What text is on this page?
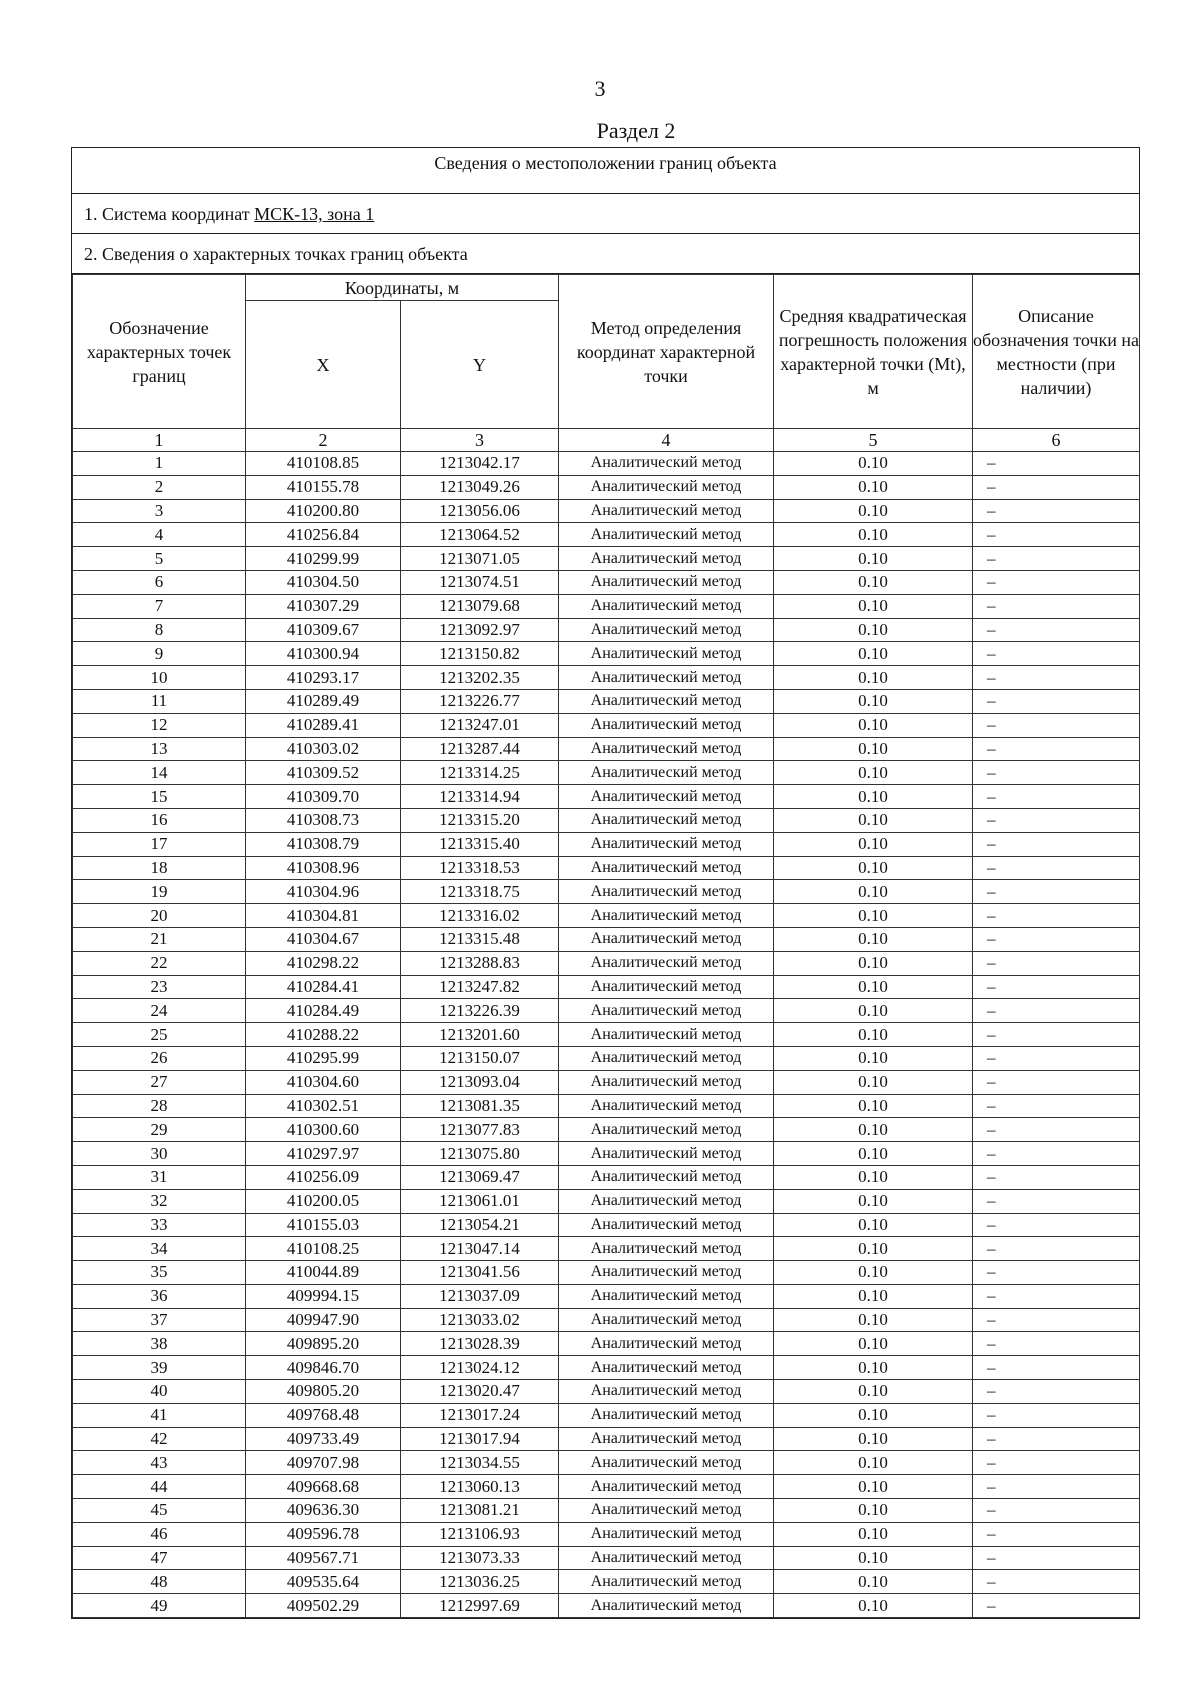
3
Раздел 2
Сведения о местоположении границ объекта
1. Система координат МСК-13, зона 1
2. Сведения о характерных точках границ объекта
Обозначение характерных точек границ	Координаты, м		Метод определения координат характерной точки	Средняя квадратическая погрешность положения характерной точки (Mt), м	Описание обозначения точки на местности (при наличии)
	X	Y			
1	2	3	4	5	6
1	410108.85	1213042.17	Аналитический метод	0.10	–
2	410155.78	1213049.26	Аналитический метод	0.10	–
3	410200.80	1213056.06	Аналитический метод	0.10	–
4	410256.84	1213064.52	Аналитический метод	0.10	–
5	410299.99	1213071.05	Аналитический метод	0.10	–
6	410304.50	1213074.51	Аналитический метод	0.10	–
7	410307.29	1213079.68	Аналитический метод	0.10	–
8	410309.67	1213092.97	Аналитический метод	0.10	–
9	410300.94	1213150.82	Аналитический метод	0.10	–
10	410293.17	1213202.35	Аналитический метод	0.10	–
11	410289.49	1213226.77	Аналитический метод	0.10	–
12	410289.41	1213247.01	Аналитический метод	0.10	–
13	410303.02	1213287.44	Аналитический метод	0.10	–
14	410309.52	1213314.25	Аналитический метод	0.10	–
15	410309.70	1213314.94	Аналитический метод	0.10	–
16	410308.73	1213315.20	Аналитический метод	0.10	–
17	410308.79	1213315.40	Аналитический метод	0.10	–
18	410308.96	1213318.53	Аналитический метод	0.10	–
19	410304.96	1213318.75	Аналитический метод	0.10	–
20	410304.81	1213316.02	Аналитический метод	0.10	–
21	410304.67	1213315.48	Аналитический метод	0.10	–
22	410298.22	1213288.83	Аналитический метод	0.10	–
23	410284.41	1213247.82	Аналитический метод	0.10	–
24	410284.49	1213226.39	Аналитический метод	0.10	–
25	410288.22	1213201.60	Аналитический метод	0.10	–
26	410295.99	1213150.07	Аналитический метод	0.10	–
27	410304.60	1213093.04	Аналитический метод	0.10	–
28	410302.51	1213081.35	Аналитический метод	0.10	–
29	410300.60	1213077.83	Аналитический метод	0.10	–
30	410297.97	1213075.80	Аналитический метод	0.10	–
31	410256.09	1213069.47	Аналитический метод	0.10	–
32	410200.05	1213061.01	Аналитический метод	0.10	–
33	410155.03	1213054.21	Аналитический метод	0.10	–
34	410108.25	1213047.14	Аналитический метод	0.10	–
35	410044.89	1213041.56	Аналитический метод	0.10	–
36	409994.15	1213037.09	Аналитический метод	0.10	–
37	409947.90	1213033.02	Аналитический метод	0.10	–
38	409895.20	1213028.39	Аналитический метод	0.10	–
39	409846.70	1213024.12	Аналитический метод	0.10	–
40	409805.20	1213020.47	Аналитический метод	0.10	–
41	409768.48	1213017.24	Аналитический метод	0.10	–
42	409733.49	1213017.94	Аналитический метод	0.10	–
43	409707.98	1213034.55	Аналитический метод	0.10	–
44	409668.68	1213060.13	Аналитический метод	0.10	–
45	409636.30	1213081.21	Аналитический метод	0.10	–
46	409596.78	1213106.93	Аналитический метод	0.10	–
47	409567.71	1213073.33	Аналитический метод	0.10	–
48	409535.64	1213036.25	Аналитический метод	0.10	–
49	409502.29	1212997.69	Аналитический метод	0.10	–
